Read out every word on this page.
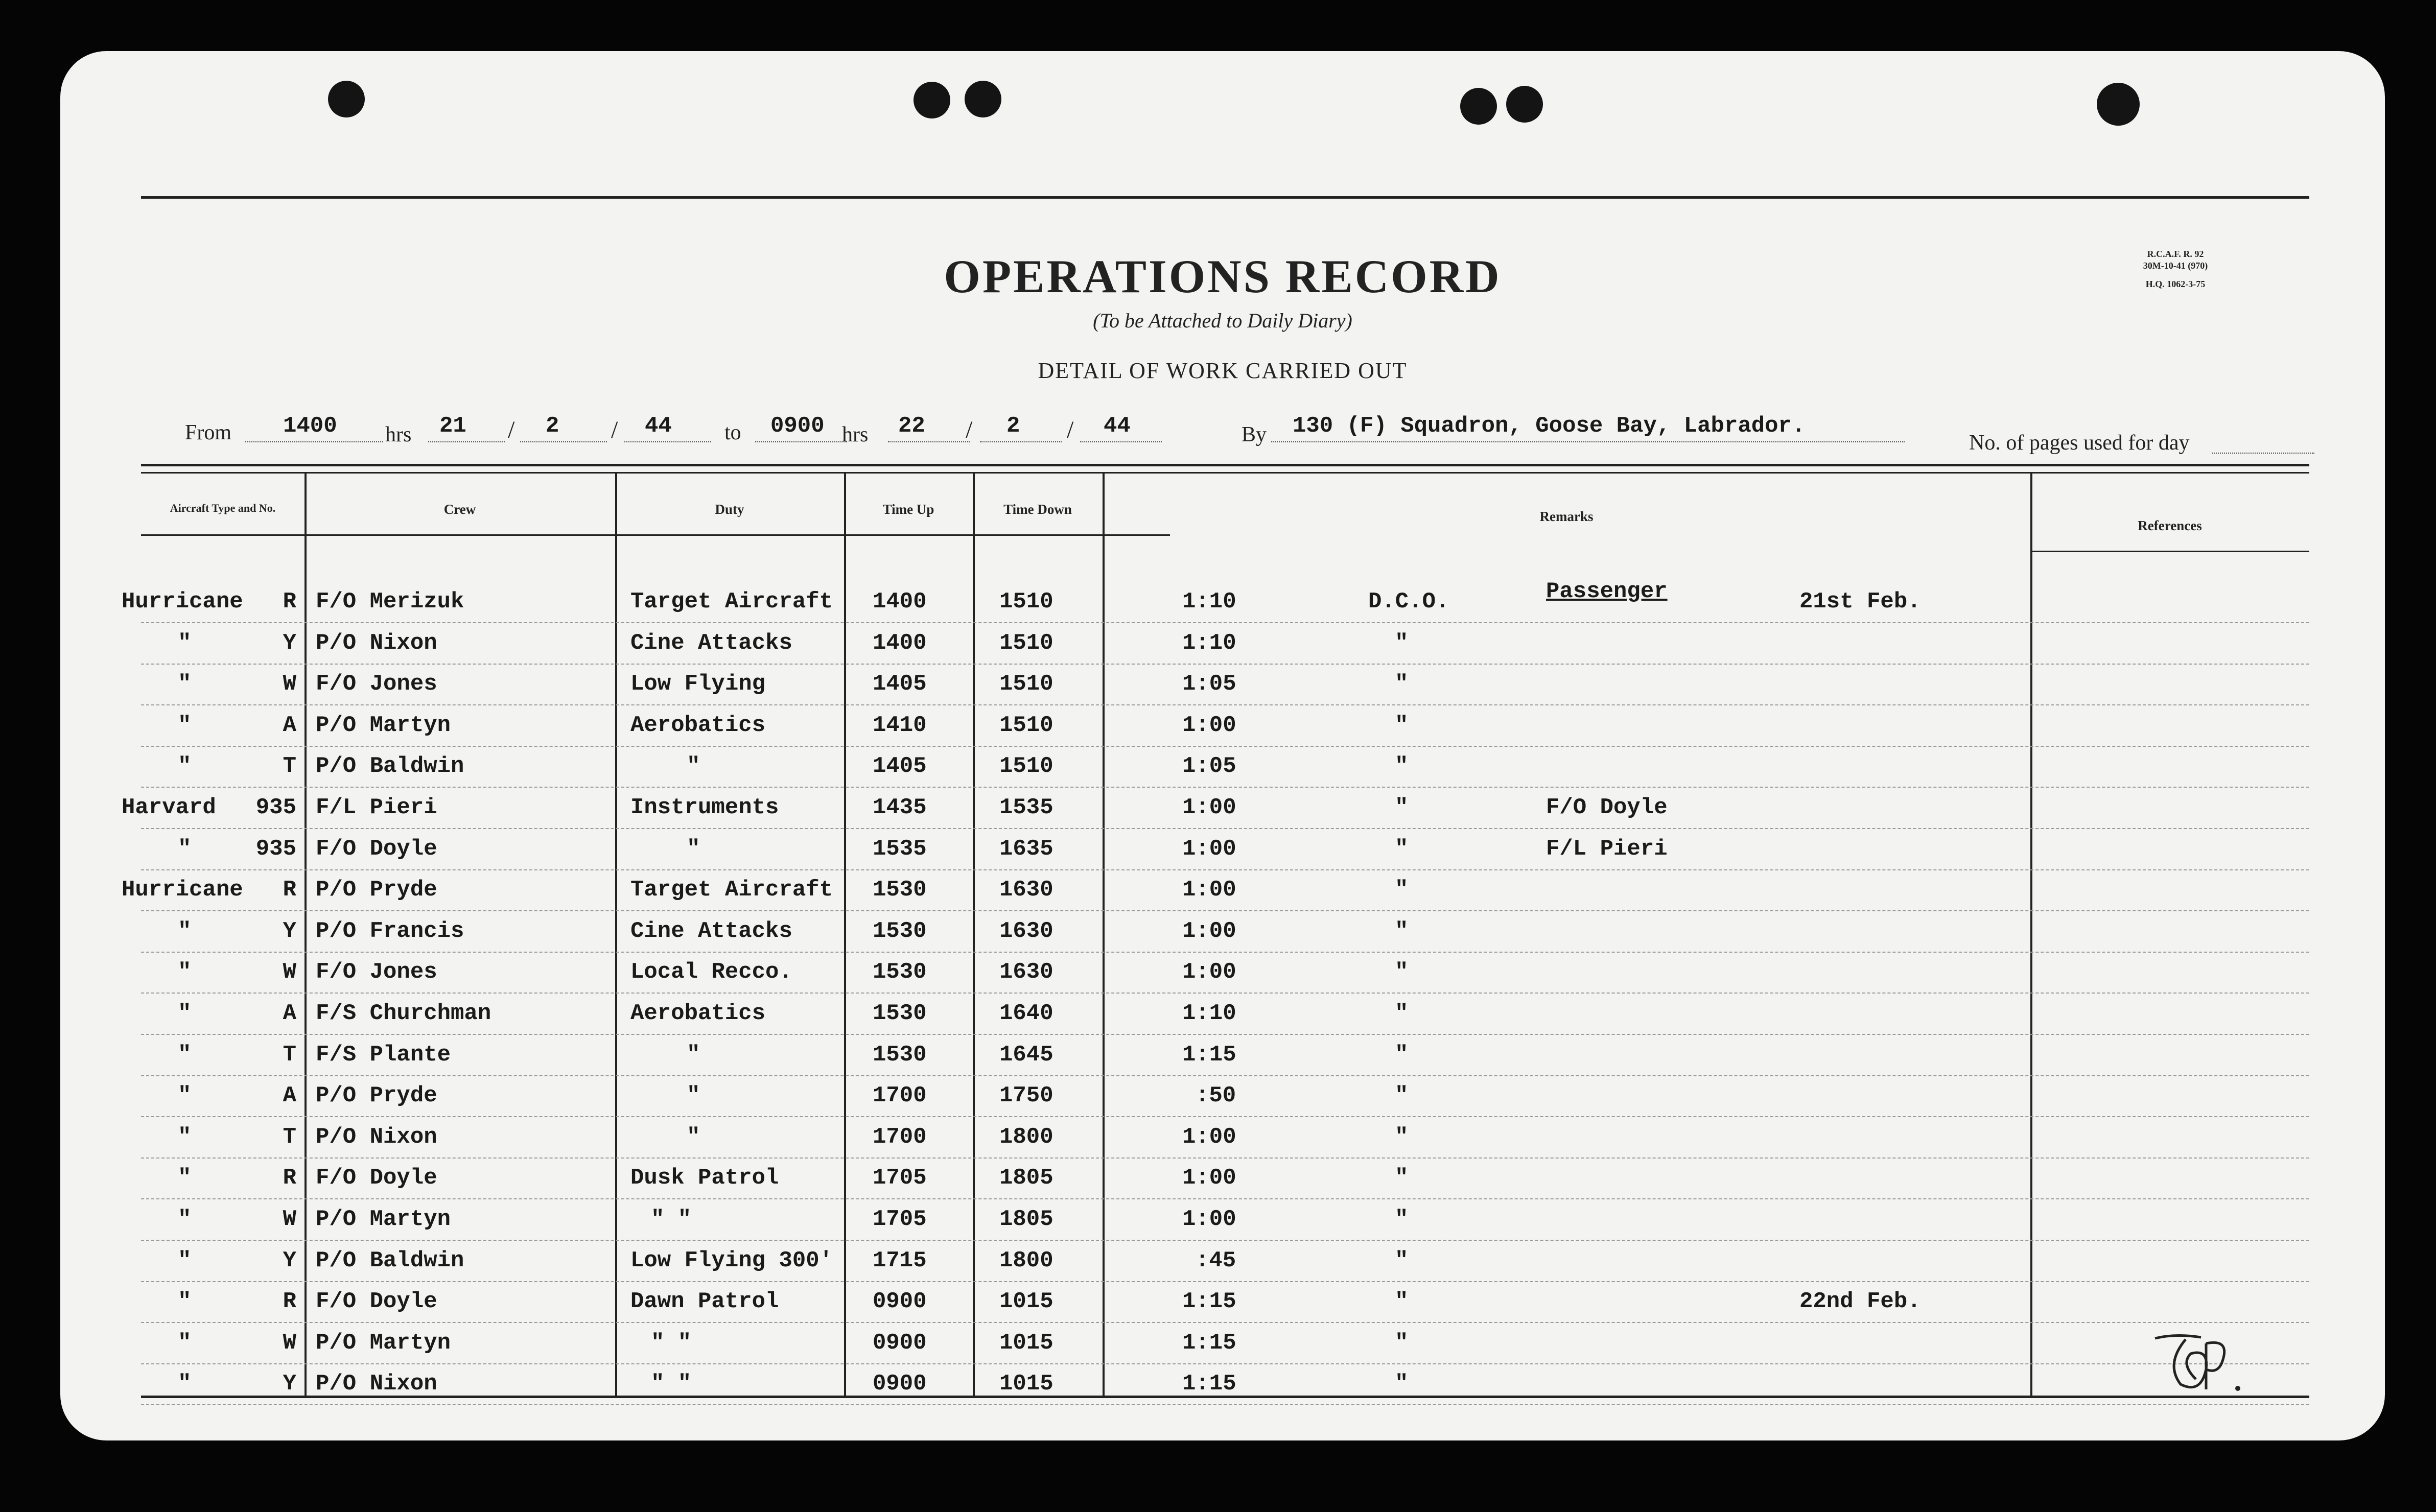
OPERATIONS RECORD
(To be Attached to Daily Diary)
DETAIL OF WORK CARRIED OUT
R.C.A.F. R. 92
30M-10-41 (970)
H.Q. 1062-3-75
From 1400 hrs 21 / 2 / 44 to 0900 hrs 22 / 2 / 44	By 130 (F) Squadron, Goose Bay, Labrador.
No. of pages used for day
Aircraft Type and No.	Crew	Duty	Time Up	Time Down	Remarks
References
Hurricane R F/O Merizuk	Target Aircraft 1400	1510	1:10	D.C.O.	Passenger	21st Feb.
"	Y P/O Nixon	Cine Attacks	1400	1510	1:10	"
"	W F/O Jones	Low Flying	1405	1510	1:05	"
"	A P/O Martyn	Aerobatics	1410	1510	1:00	"
"	T P/O Baldwin	"	1405	1510	1:05	"
Harvard 935 F/L Pieri	Instruments	1435	1535	1:00	"	F/O Doyle
"	935 F/O Doyle	"	1535	1635	1:00	"	F/L Pieri
Hurricane R P/O Pryde	Target Aircraft 1530	1630	1:00	"
"	Y P/O Francis	Cine Attacks	1530	1630	1:00	"
"	W F/O Jones	Local Recco.	1530	1630	1:00	"
"	A F/S Churchman	Aerobatics	1530	1640	1:10	"
"	T F/S Plante	"	1530	1645	1:15	"
"	A P/O Pryde	"	1700	1750	:50	"
"	T P/O Nixon	"	1700	1800	1:00	"
"	R F/O Doyle	Dusk Patrol	1705	1805	1:00	"
"	W P/O Martyn	" "	1705	1805	1:00	"
"	Y P/O Baldwin	Low Flying 300' 1715	1800	:45	"
"	R F/O Doyle	Dawn Patrol	0900	1015	1:15	"	22nd Feb.
"	W P/O Martyn	" "	0900	1015	1:15	"
"	Y P/O Nixon	" "	0900	1015	1:15	"
